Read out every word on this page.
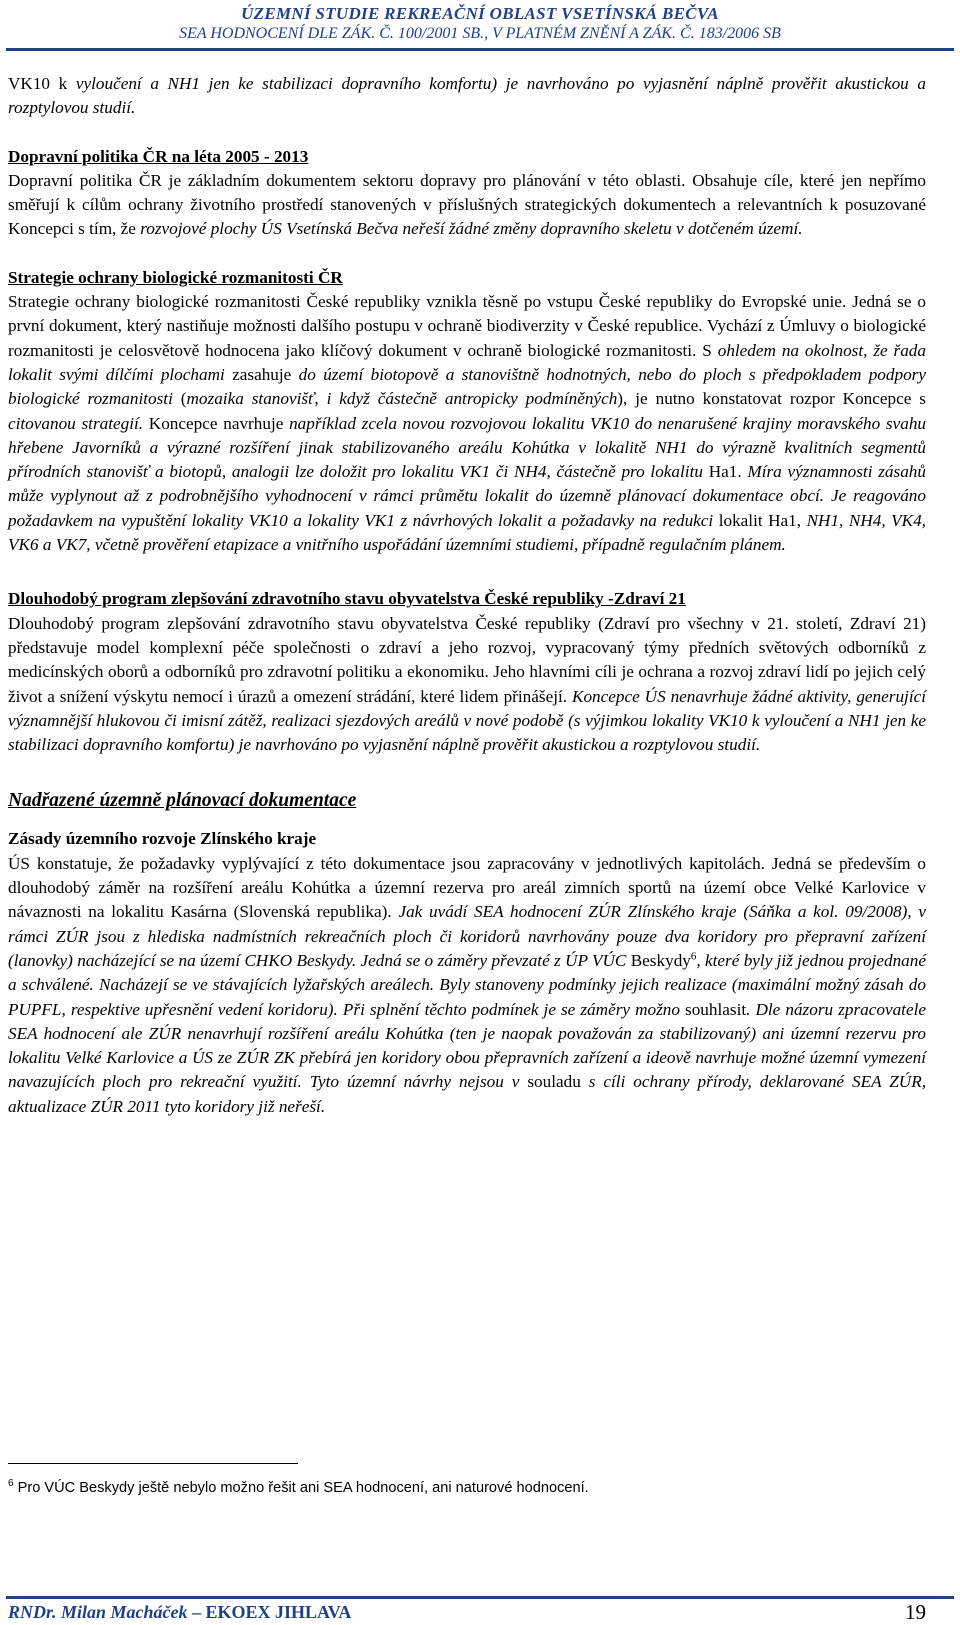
ÚZEMNÍ STUDIE REKREAČNÍ OBLAST VSETÍNSKÁ BEČVA
SEA HODNOCENÍ DLE ZÁK. Č. 100/2001 SB., V PLATNÉM ZNĚNÍ A ZÁK. Č. 183/2006 SB

VK10 k vyloučení a NH1 jen ke stabilizaci dopravního komfortu) je navrhováno po vyjasnění náplně prověřit akustickou a rozptylovou studií.

Dopravní politika ČR na léta 2005 - 2013
Dopravní politika ČR je základním dokumentem sektoru dopravy pro plánování v této oblasti. Obsahuje cíle, které jen nepřímo směřují k cílům ochrany životního prostředí stanovených v příslušných strategických dokumentech a relevantních k posuzované Koncepci s tím, že rozvojové plochy ÚS Vsetínská Bečva neřeší žádné změny dopravního skeletu v dotčeném území.

Strategie ochrany biologické rozmanitosti ČR
Strategie ochrany biologické rozmanitosti České republiky vznikla těsně po vstupu České republiky do Evropské unie. Jedná se o první dokument, který nastiňuje možnosti dalšího postupu v ochraně biodiverzity v České republice. Vychází z Úmluvy o biologické rozmanitosti je celosvětově hodnocena jako klíčový dokument v ochraně biologické rozmanitosti. S ohledem na okolnost, že řada lokalit svými dílčími plochami zasahuje do území biotopově a stanovištně hodnotných, nebo do ploch s předpokladem podpory biologické rozmanitosti (mozaika stanovišť, i když částečně antropicky podmíněných), je nutno konstatovat rozpor Koncepce s citovanou strategií. Koncepce navrhuje například zcela novou rozvojovou lokalitu VK10 do nenarušené krajiny moravského svahu hřebene Javorníků a výrazné rozšíření jinak stabilizovaného areálu Kohútka v lokalitě NH1 do výrazně kvalitních segmentů přírodních stanovišť a biotopů, analogii lze doložit pro lokalitu VK1 či NH4, částečně pro lokalitu Ha1. Míra významnosti zásahů může vyplynout až z podrobnějšího vyhodnocení v rámci průmětu lokalit do územně plánovací dokumentace obcí. Je reagováno požadavkem na vypuštění lokality VK10 a lokality VK1 z návrhových lokalit a požadavky na redukci lokalit Ha1, NH1, NH4, VK4, VK6 a VK7, včetně prověření etapizace a vnitřního uspořádání územními studiemi, případně regulačním plánem.

Dlouhodobý program zlepšování zdravotního stavu obyvatelstva České republiky -Zdraví 21
Dlouhodobý program zlepšování zdravotního stavu obyvatelstva České republiky (Zdraví pro všechny v 21. století, Zdraví 21) představuje model komplexní péče společnosti o zdraví a jeho rozvoj, vypracovaný týmy předních světových odborníků z medicínských oborů a odborníků pro zdravotní politiku a ekonomiku. Jeho hlavními cíli je ochrana a rozvoj zdraví lidí po jejich celý život a snížení výskytu nemocí i úrazů a omezení strádání, které lidem přinášejí. Koncepce ÚS nenavrhuje žádné aktivity, generující významnější hlukovou či imisní zátěž, realizaci sjezdových areálů v nové podobě (s výjimkou lokality VK10 k vyloučení a NH1 jen ke stabilizaci dopravního komfortu) je navrhováno po vyjasnění náplně prověřit akustickou a rozptylovou studií.

Nadřazené územně plánovací dokumentace

Zásady územního rozvoje Zlínského kraje
ÚS konstatuje, že požadavky vyplývající z této dokumentace jsou zapracovány v jednotlivých kapitolách. Jedná se především o dlouhodobý záměr na rozšíření areálu Kohútka a územní rezerva pro areál zimních sportů na území obce Velké Karlovice v návaznosti na lokalitu Kasárna (Slovenská republika). Jak uvádí SEA hodnocení ZÚR Zlínského kraje (Sáňka a kol. 09/2008), v rámci ZÚR jsou z hlediska nadmístních rekreačních ploch či koridorů navrhovány pouze dva koridory pro přepravní zařízení (lanovky) nacházející se na území CHKO Beskydy. Jedná se o záměry převzaté z ÚP VÚC Beskydy$^6$, které byly již jednou projednané a schválené. Nacházejí se ve stávajících lyžařských areálech. Byly stanoveny podmínky jejich realizace (maximální možný zásah do PUPFL, respektive upřesnění vedení koridoru). Při splnění těchto podmínek je se záměry možno souhlasit. Dle názoru zpracovatele SEA hodnocení ale ZÚR nenavrhují rozšíření areálu Kohútka (ten je naopak považován za stabilizovaný) ani územní rezervu pro lokalitu Velké Karlovice a ÚS ze ZÚR ZK přebírá jen koridory obou přepravních zařízení a ideově navrhuje možné územní vymezení navazujících ploch pro rekreační využití. Tyto územní návrhy nejsou v souladu s cíli ochrany přírody, deklarované SEA ZÚR, aktualizace ZÚR 2011 tyto koridory již neřeší.

$^6$ Pro VÚC Beskydy ještě nebylo možno řešit ani SEA hodnocení, ani naturové hodnocení.
RNDr. Milan Macháček – EKOEX JIHLAVA	19
